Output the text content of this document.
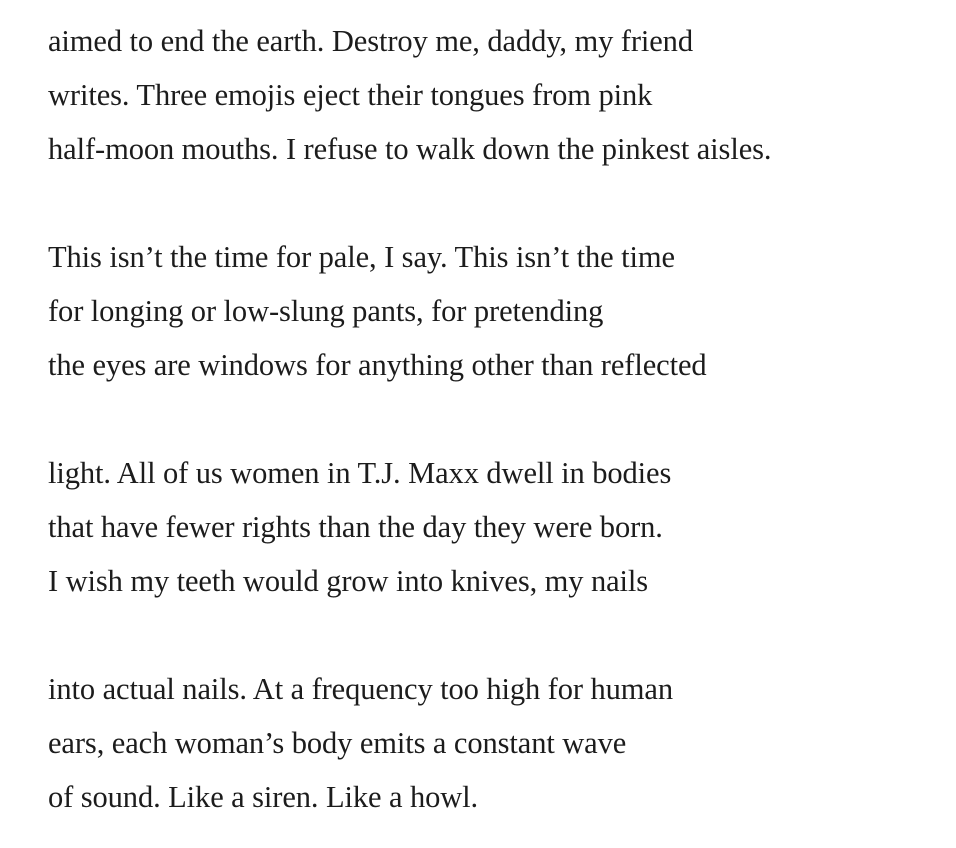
aimed to end the earth. Destroy me, daddy, my friend
writes. Three emojis eject their tongues from pink
half-moon mouths. I refuse to walk down the pinkest aisles.
This isn’t the time for pale, I say. This isn’t the time
for longing or low-slung pants, for pretending
the eyes are windows for anything other than reflected
light. All of us women in T.J. Maxx dwell in bodies
that have fewer rights than the day they were born.
I wish my teeth would grow into knives, my nails
into actual nails. At a frequency too high for human
ears, each woman’s body emits a constant wave
of sound. Like a siren. Like a howl.
